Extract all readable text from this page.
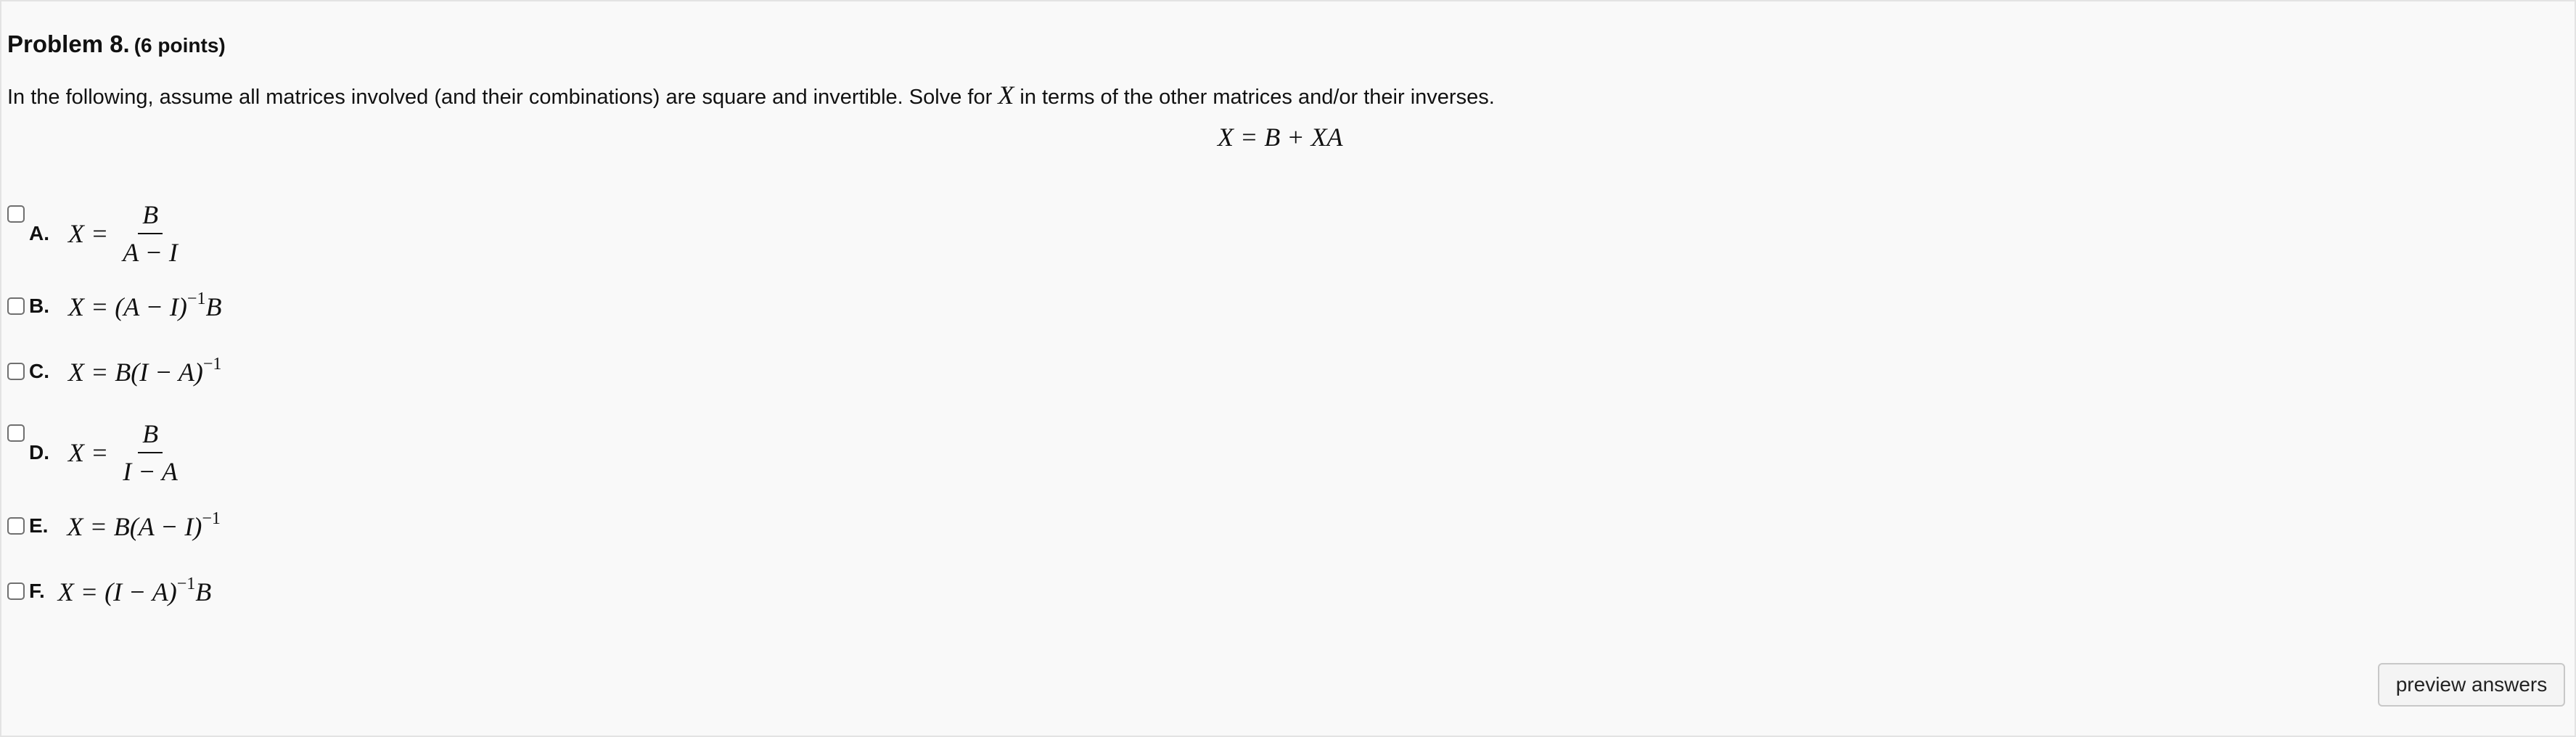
Problem 8. (6 points)
In the following, assume all matrices involved (and their combinations) are square and invertible. Solve for X in terms of the other matrices and/or their inverses.
X = B + XA
A. $X = \frac{B}{A - I}$
B. $X = (A - I)^{-1}B$
C. $X = B(I - A)^{-1}$
D. $X = \frac{B}{I - A}$
E. $X = B(A - I)^{-1}$
F. $X = (I - A)^{-1}B$
preview answers
